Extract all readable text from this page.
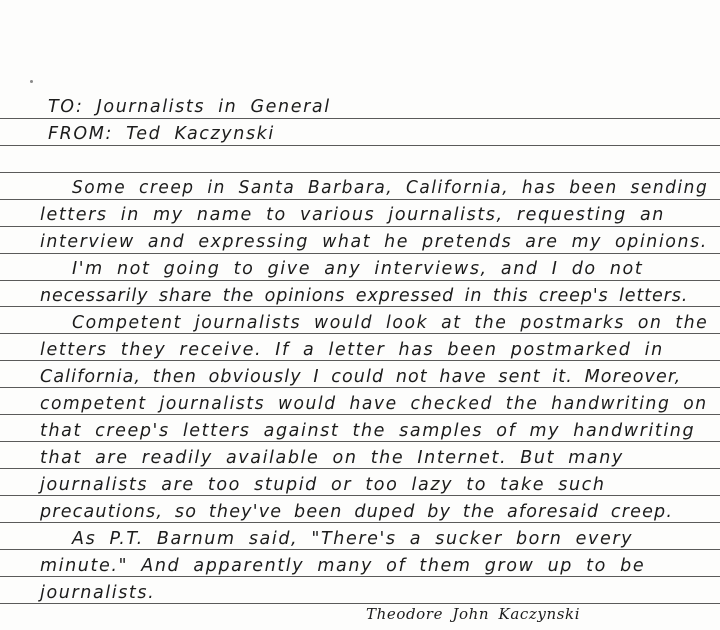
TO: Journalists in General
FROM: Ted Kaczynski
Some creep in Santa Barbara, California, has been sending
letters in my name to various journalists, requesting an
interview and expressing what he pretends are my opinions.
I'm not going to give any interviews, and I do not
necessarily share the opinions expressed in this creep's letters.
Competent journalists would look at the postmarks on the
letters they receive. If a letter has been postmarked in
California, then obviously I could not have sent it. Moreover,
competent journalists would have checked the handwriting on
that creep's letters against the samples of my handwriting
that are readily available on the Internet. But many
journalists are too stupid or too lazy to take such
precautions, so they've been duped by the aforesaid creep.
As P.T. Barnum said, "There's a sucker born every
minute." And apparently many of them grow up to be
journalists.
Theodore John Kaczynski
